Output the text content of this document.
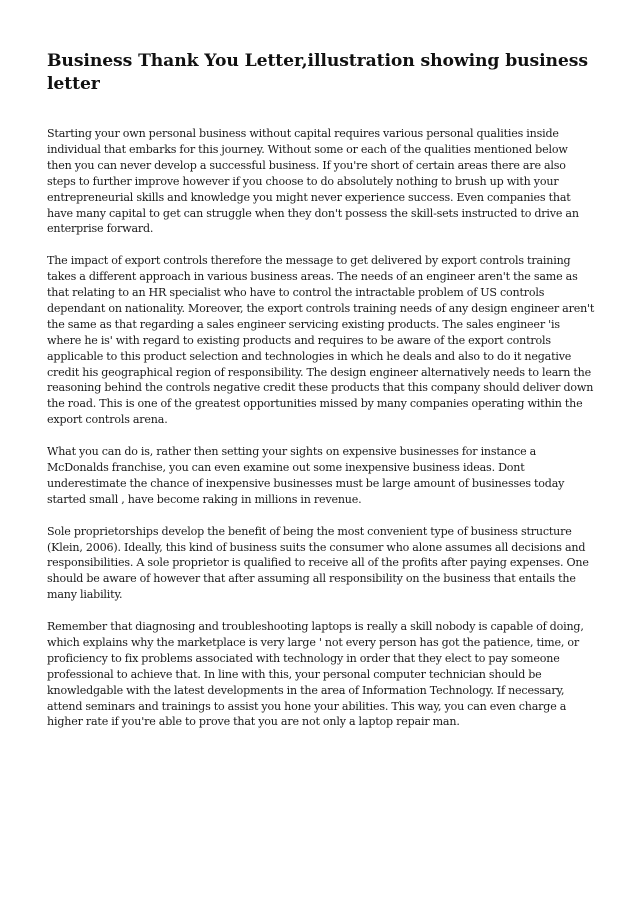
Business Thank You Letter,illustration showing business letter

Starting your own personal business without capital requires various personal qualities inside individual that embarks for this journey. Without some or each of the qualities mentioned below then you can never develop a successful business. If you're short of certain areas there are also steps to further improve however if you choose to do absolutely nothing to brush up with your entrepreneurial skills and knowledge you might never experience success. Even companies that have many capital to get can struggle when they don't possess the skill-sets instructed to drive an enterprise forward.

The impact of export controls therefore the message to get delivered by export controls training takes a different approach in various business areas. The needs of an engineer aren't the same as that relating to an HR specialist who have to control the intractable problem of US controls dependant on nationality. Moreover, the export controls training needs of any design engineer aren't the same as that regarding a sales engineer servicing existing products. The sales engineer 'is where he is' with regard to existing products and requires to be aware of the export controls applicable to this product selection and technologies in which he deals and also to do it negative credit his geographical region of responsibility. The design engineer alternatively needs to learn the reasoning behind the controls negative credit these products that this company should deliver down the road. This is one of the greatest opportunities missed by many companies operating within the export controls arena.

What you can do is, rather then setting your sights on expensive businesses for instance a McDonalds franchise, you can even examine out some inexpensive business ideas. Dont underestimate the chance of inexpensive businesses must be large amount of businesses today started small , have become raking in millions in revenue.

Sole proprietorships develop the benefit of being the most convenient type of business structure (Klein, 2006). Ideally, this kind of business suits the consumer who alone assumes all decisions and responsibilities. A sole proprietor is qualified to receive all of the profits after paying expenses. One should be aware of however that after assuming all responsibility on the business that entails the many liability.

Remember that diagnosing and troubleshooting laptops is really a skill nobody is capable of doing, which explains why the marketplace is very large ' not every person has got the patience, time, or proficiency to fix problems associated with technology in order that they elect to pay someone professional to achieve that. In line with this, your personal computer technician should be knowledgable with the latest developments in the area of Information Technology. If necessary, attend seminars and trainings to assist you hone your abilities. This way, you can even charge a higher rate if you're able to prove that you are not only a laptop repair man.
